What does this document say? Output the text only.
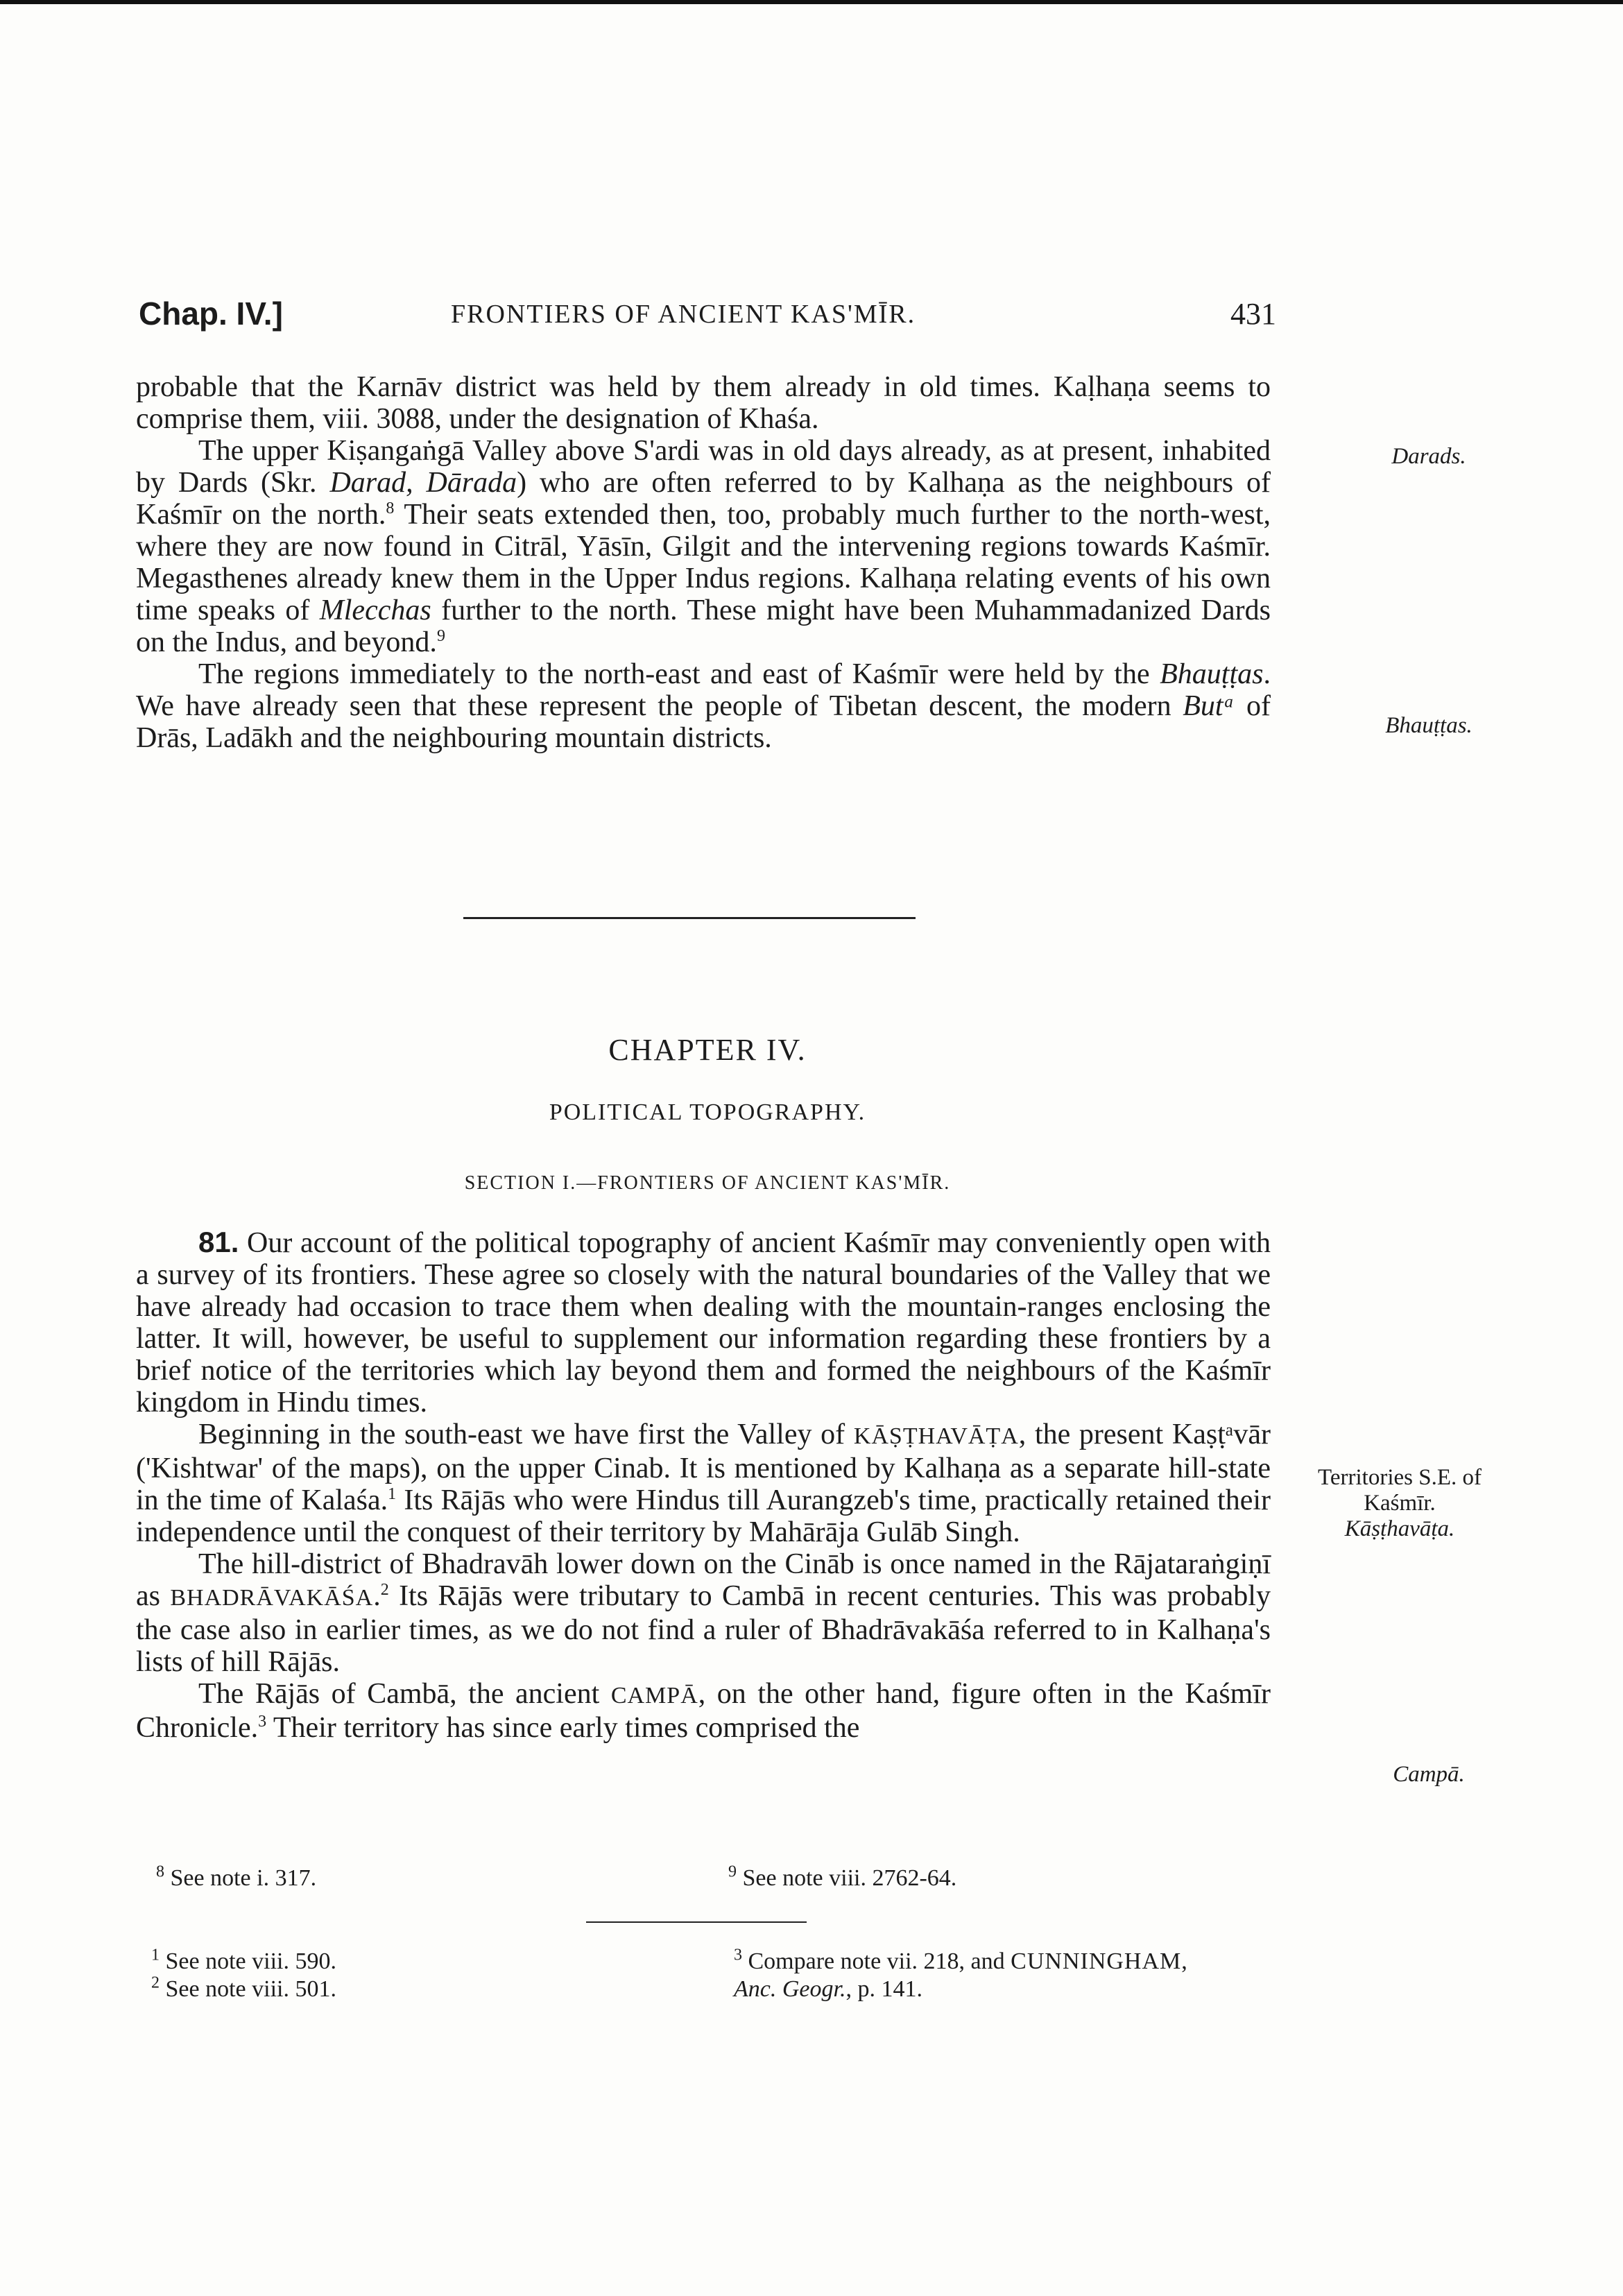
Chap. IV.]	FRONTIERS OF ANCIENT KAS'MĪR.	431

probable that the Karnāv district was held by them already in old times. Kaḷhaṇa seems to comprise them, viii. 3088, under the designation of Khaśa.

The upper Kiṣangaṅgā Valley above S'ardi was in old days already, as at present, inhabited by Dards (Skr. Darad, Dārada) who are often referred to by Kalhaṇa as the neighbours of Kaśmīr on the north.$^8$ Their seats extended then, too, probably much further to the north-west, where they are now found in Citrāl, Yāsīn, Gilgit and the intervening regions towards Kaśmīr. Megasthenes already knew them in the Upper Indus regions. Kalhaṇa relating events of his own time speaks of Mlecchas further to the north. These might have been Muhammadanized Dards on the Indus, and beyond.$^9$

The regions immediately to the north-east and east of Kaśmīr were held by the Bhauṭṭas. We have already seen that these represent the people of Tibetan descent, the modern Butᵃ of Drās, Ladākh and the neighbouring mountain districts.

Darads.
Bhauṭṭas.
CHAPTER IV.
POLITICAL TOPOGRAPHY.
SECTION I.—FRONTIERS OF ANCIENT KAS'MĪR.

81. Our account of the political topography of ancient Kaśmīr may conveniently open with a survey of its frontiers. These agree so closely with the natural boundaries of the Valley that we have already had occasion to trace them when dealing with the mountain-ranges enclosing the latter. It will, however, be useful to supplement our information regarding these frontiers by a brief notice of the territories which lay beyond them and formed the neighbours of the Kaśmīr kingdom in Hindu times.

Beginning in the south-east we have first the Valley of KĀṢṬHAVĀṬA, the present Kaṣṭᵃvār ('Kishtwar' of the maps), on the upper Cinab. It is mentioned by Kalhaṇa as a separate hill-state in the time of Kalaśa.$^1$ Its Rājās who were Hindus till Aurangzeb's time, practically retained their independence until the conquest of their territory by Mahārāja Gulāb Singh.

The hill-district of Bhadravāh lower down on the Cināb is once named in the Rājataraṅgiṇī as BHADRĀVAKĀŚA.$^2$ Its Rājās were tributary to Cambā in recent centuries. This was probably the case also in earlier times, as we do not find a ruler of Bhadrāvakāśa referred to in Kalhaṇa's lists of hill Rājās.

The Rājās of Cambā, the ancient CAMPĀ, on the other hand, figure often in the Kaśmīr Chronicle.$^3$ Their territory has since early times comprised the

Territories S.E. of
Kaśmīr.
Kāṣṭhavāṭa.
Campā.
$^8$ See note i. 317.	$^9$ See note viii. 2762-64.
$^1$ See note viii. 590.
$^2$ See note viii. 501.
$^3$ Compare note vii. 218, and CUNNINGHAM,
Anc. Geogr., p. 141.
